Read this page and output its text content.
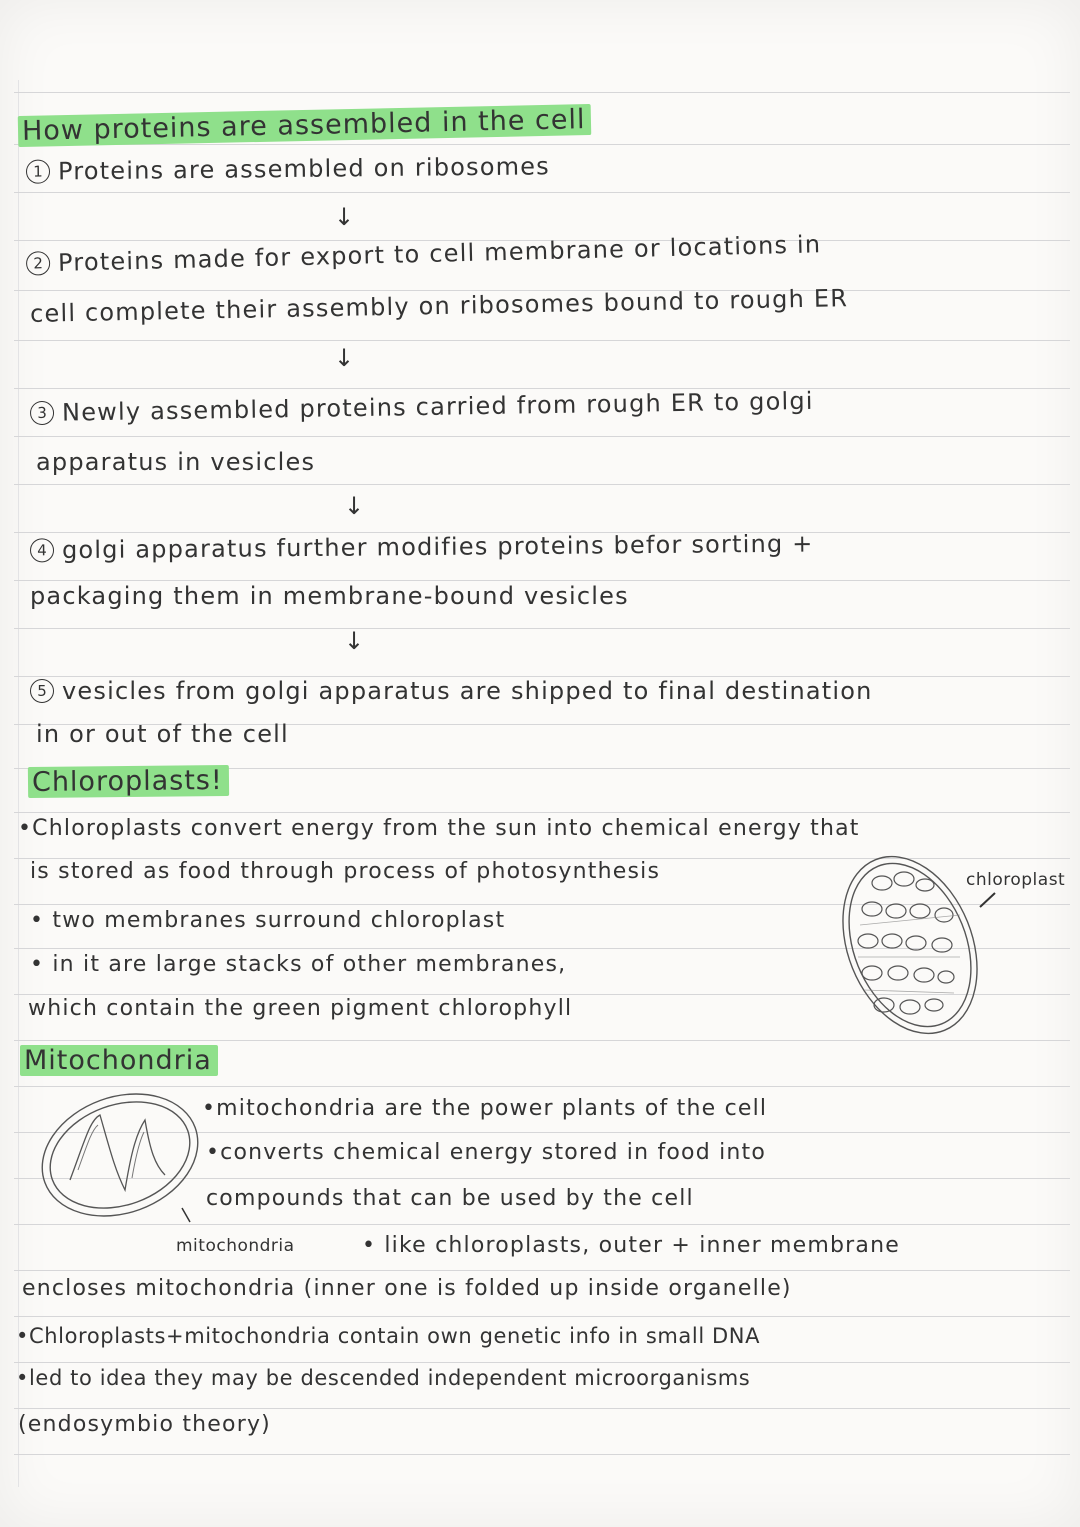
How proteins are assembled in the cell
1 Proteins are assembled on ribosomes
↓
2 Proteins made for export to cell membrane or locations in
cell complete their assembly on ribosomes bound to rough ER
↓
3 Newly assembled proteins carried from rough ER to golgi
apparatus in vesicles
↓
4 golgi apparatus further modifies proteins befor sorting +
packaging them in membrane-bound vesicles
↓
5 vesicles from golgi apparatus are shipped to final destination
in or out of the cell
Chloroplasts!
•Chloroplasts convert energy from the sun into chemical energy that
is stored as food through process of photosynthesis
• two membranes surround chloroplast
• in it are large stacks of other membranes,
which contain the green pigment chlorophyll
chloroplast
Mitochondria
mitochondria
•mitochondria are the power plants of the cell
•converts chemical energy stored in food into
compounds that can be used by the cell
• like chloroplasts, outer + inner membrane
encloses mitochondria (inner one is folded up inside organelle)
•Chloroplasts+mitochondria contain own genetic info in small DNA
•led to idea they may be descended independent microorganisms
(endosymbio theory)
